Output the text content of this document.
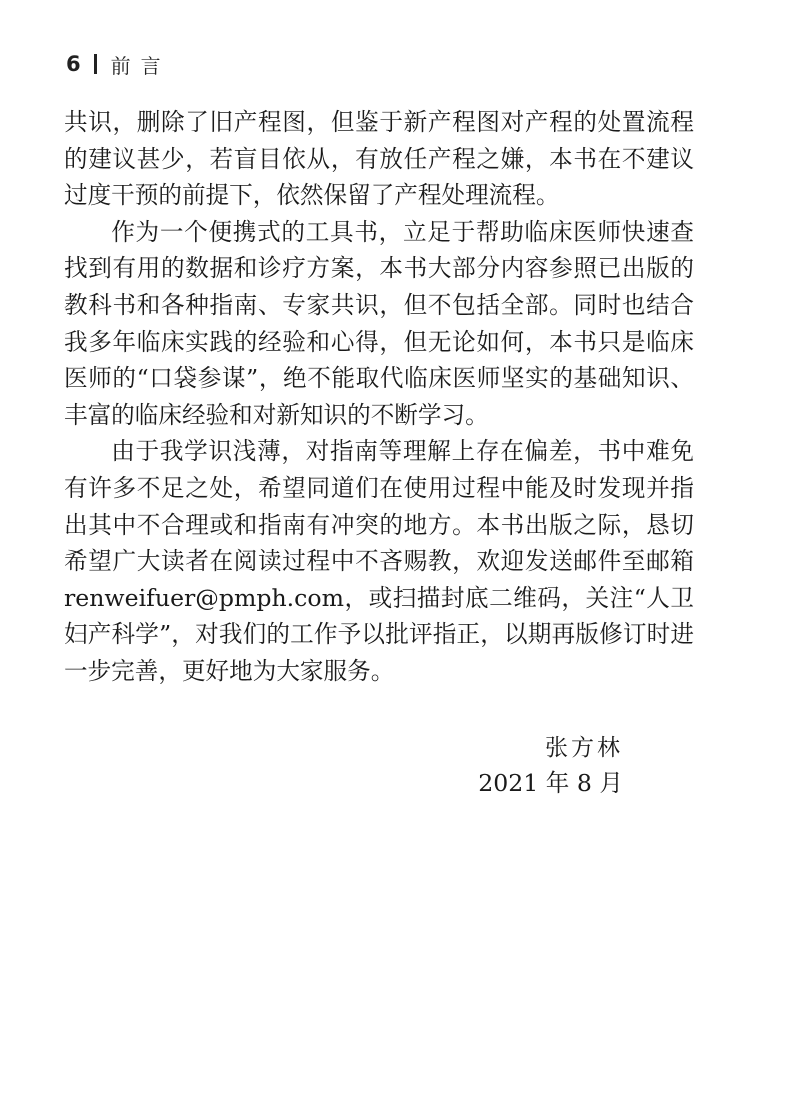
6 前言

共识，删除了旧产程图，但鉴于新产程图对产程的处置流程的建议甚少，若盲目依从，有放任产程之嫌，本书在不建议过度干预的前提下，依然保留了产程处理流程。

作为一个便携式的工具书，立足于帮助临床医师快速查找到有用的数据和诊疗方案，本书大部分内容参照已出版的教科书和各种指南、专家共识，但不包括全部。同时也结合我多年临床实践的经验和心得，但无论如何，本书只是临床医师的“口袋参谋”，绝不能取代临床医师坚实的基础知识、丰富的临床经验和对新知识的不断学习。

由于我学识浅薄，对指南等理解上存在偏差，书中难免有许多不足之处，希望同道们在使用过程中能及时发现并指出其中不合理或和指南有冲突的地方。本书出版之际，恳切希望广大读者在阅读过程中不吝赐教，欢迎发送邮件至邮箱 renweifuer@pmph.com，或扫描封底二维码，关注“人卫妇产科学”，对我们的工作予以批评指正，以期再版修订时进一步完善，更好地为大家服务。

张方林
2021 年 8 月
